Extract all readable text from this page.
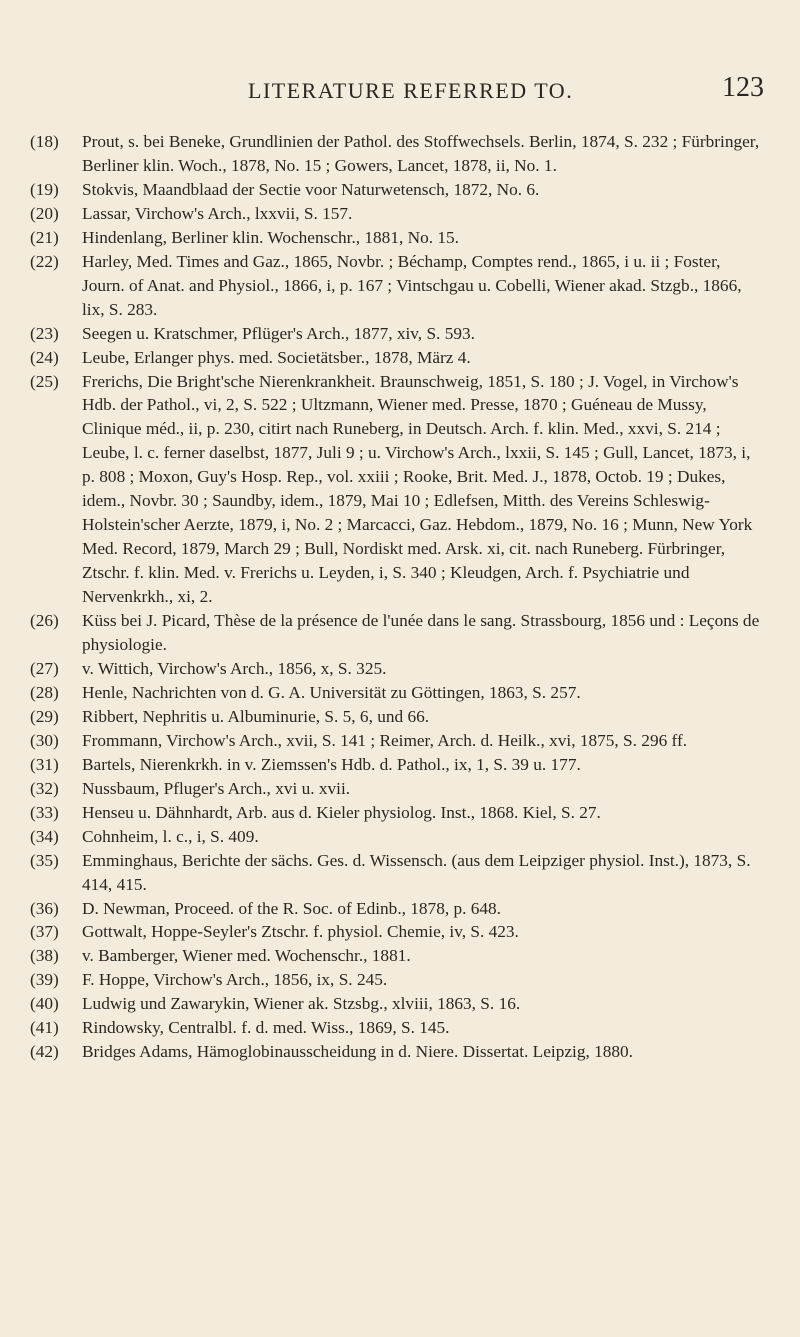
LITERATURE REFERRED TO.	123
(18)	Prout, s. bei Beneke, Grundlinien der Pathol. des Stoffwechsels. Berlin, 1874, S. 232 ; Fürbringer, Berliner klin. Woch., 1878, No. 15 ; Gowers, Lancet, 1878, ii, No. 1.
(19)	Stokvis, Maandblaad der Sectie voor Naturwetensch, 1872, No. 6.
(20)	Lassar, Virchow's Arch., lxxvii, S. 157.
(21)	Hindenlang, Berliner klin. Wochenschr., 1881, No. 15.
(22)	Harley, Med. Times and Gaz., 1865, Novbr. ; Béchamp, Comptes rend., 1865, i u. ii ; Foster, Journ. of Anat. and Physiol., 1866, i, p. 167 ; Vintschgau u. Cobelli, Wiener akad. Stzgb., 1866, lix, S. 283.
(23)	Seegen u. Kratschmer, Pflüger's Arch., 1877, xiv, S. 593.
(24)	Leube, Erlanger phys. med. Societätsber., 1878, März 4.
(25)	Frerichs, Die Bright'sche Nierenkrankheit. Braunschweig, 1851, S. 180 ; J. Vogel, in Virchow's Hdb. der Pathol., vi, 2, S. 522 ; Ultzmann, Wiener med. Presse, 1870 ; Guéneau de Mussy, Clinique méd., ii, p. 230, citirt nach Runeberg, in Deutsch. Arch. f. klin. Med., xxvi, S. 214 ; Leube, l. c. ferner daselbst, 1877, Juli 9 ; u. Virchow's Arch., lxxii, S. 145 ; Gull, Lancet, 1873, i, p. 808 ; Moxon, Guy's Hosp. Rep., vol. xxiii ; Rooke, Brit. Med. J., 1878, Octob. 19 ; Dukes, idem., Novbr. 30 ; Saundby, idem., 1879, Mai 10 ; Edlefsen, Mitth. des Vereins Schleswig-Holstein'scher Aerzte, 1879, i, No. 2 ; Marcacci, Gaz. Hebdom., 1879, No. 16 ; Munn, New York Med. Record, 1879, March 29 ; Bull, Nordiskt med. Arsk. xi, cit. nach Runeberg. Fürbringer, Ztschr. f. klin. Med. v. Frerichs u. Leyden, i, S. 340 ; Kleudgen, Arch. f. Psychiatrie und Nervenkrkh., xi, 2.
(26)	Küss bei J. Picard, Thèse de la présence de l'unée dans le sang. Strassbourg, 1856 und : Leçons de physiologie.
(27)	v. Wittich, Virchow's Arch., 1856, x, S. 325.
(28)	Henle, Nachrichten von d. G. A. Universität zu Göttingen, 1863, S. 257.
(29)	Ribbert, Nephritis u. Albuminurie, S. 5, 6, und 66.
(30)	Frommann, Virchow's Arch., xvii, S. 141 ; Reimer, Arch. d. Heilk., xvi, 1875, S. 296 ff.
(31)	Bartels, Nierenkrkh. in v. Ziemssen's Hdb. d. Pathol., ix, 1, S. 39 u. 177.
(32)	Nussbaum, Pfluger's Arch., xvi u. xvii.
(33)	Henseu u. Dähnhardt, Arb. aus d. Kieler physiolog. Inst., 1868. Kiel, S. 27.
(34)	Cohnheim, l. c., i, S. 409.
(35)	Emminghaus, Berichte der sächs. Ges. d. Wissensch. (aus dem Leipziger physiol. Inst.), 1873, S. 414, 415.
(36)	D. Newman, Proceed. of the R. Soc. of Edinb., 1878, p. 648.
(37)	Gottwalt, Hoppe-Seyler's Ztschr. f. physiol. Chemie, iv, S. 423.
(38)	v. Bamberger, Wiener med. Wochenschr., 1881.
(39)	F. Hoppe, Virchow's Arch., 1856, ix, S. 245.
(40)	Ludwig und Zawarykin, Wiener ak. Stzsbg., xlviii, 1863, S. 16.
(41)	Rindowsky, Centralbl. f. d. med. Wiss., 1869, S. 145.
(42)	Bridges Adams, Hämoglobinausscheidung in d. Niere. Dissertat. Leipzig, 1880.
